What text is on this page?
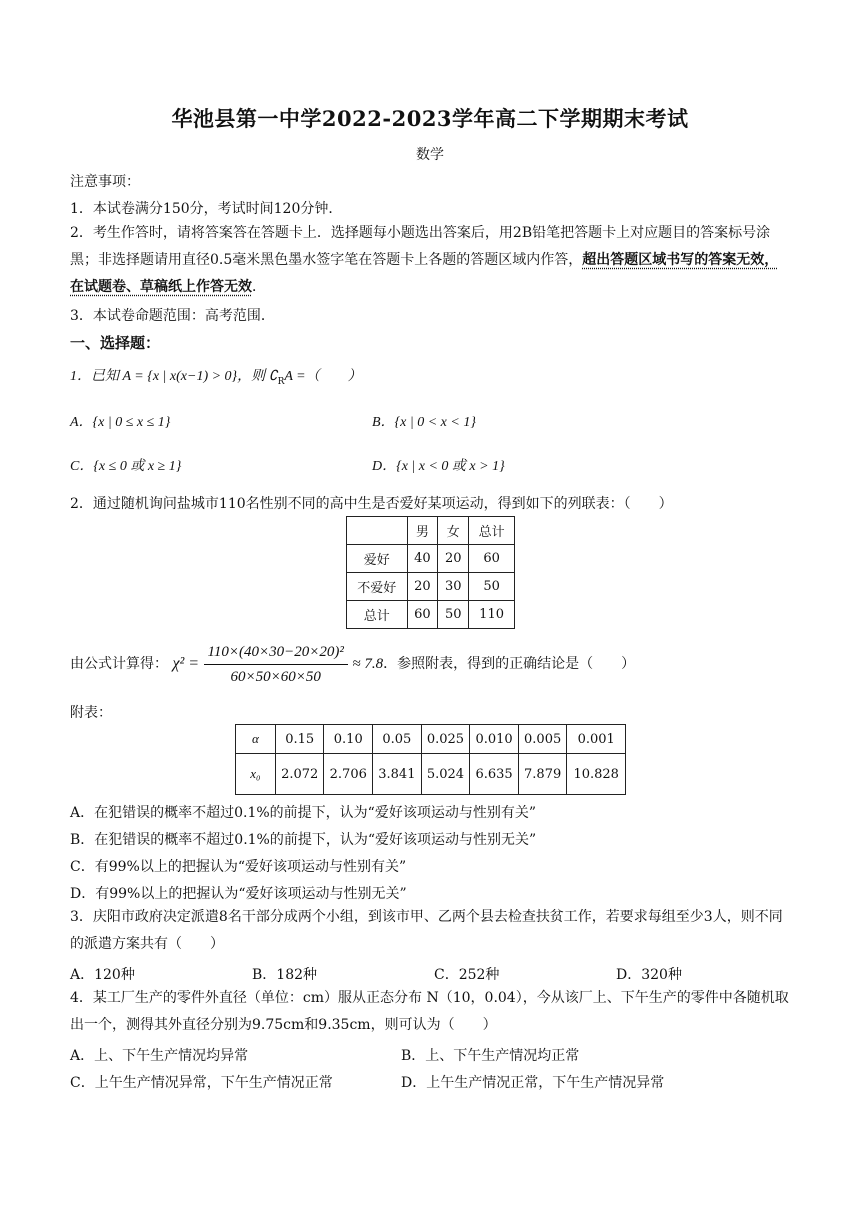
华池县第一中学2022-2023学年高二下学期期末考试
数学
注意事项：
1．本试卷满分150分，考试时间120分钟．
2．考生作答时，请将答案答在答题卡上．选择题每小题选出答案后，用2B铅笔把答题卡上对应题目的答案标号涂黑；非选择题请用直径0.5毫米黑色墨水签字笔在答题卡上各题的答题区域内作答，超出答题区域书写的答案无效，在试题卷、草稿纸上作答无效．
3．本试卷命题范围：高考范围．
一、选择题：
1．已知 A = {x | x(x−1) > 0}，则 $∁_RA$ =（　　）
A．{x | 0 ≤ x ≤ 1}	B．{x | 0 < x < 1}
C．{x ≤ 0 或 x ≥ 1}	D．{x | x < 0 或 x > 1}
2．通过随机询问盐城市110名性别不同的高中生是否爱好某项运动，得到如下的列联表：（　　）
	男	女	总计
爱好	40	20	60
不爱好	20	30	50
总计	60	50	110
由公式计算得： $\chi^2 = \frac{\text{110×(40×30−20×20)²}}{60\times 50\times 60\times 50} \approx 7.8$．参照附表，得到的正确结论是（　　）
附表：
α	0.15	0.10	0.05	0.025	0.010	0.005	0.001
x₀	2.072	2.706	3.841	5.024	6.635	7.879	10.828
A．在犯错误的概率不超过0.1%的前提下，认为“爱好该项运动与性别有关”
B．在犯错误的概率不超过0.1%的前提下，认为“爱好该项运动与性别无关”
C．有99%以上的把握认为“爱好该项运动与性别有关”
D．有99%以上的把握认为“爱好该项运动与性别无关”
3．庆阳市政府决定派遣8名干部分成两个小组，到该市甲、乙两个县去检查扶贫工作，若要求每组至少3人，则不同的派遣方案共有（　　）
A．120种	B．182种	C．252种	D．320种
4．某工厂生产的零件外直径（单位：cm）服从正态分布 N（10，0.04），今从该厂上、下午生产的零件中各随机取出一个，测得其外直径分别为9.75cm和9.35cm，则可认为（　　）
A．上、下午生产情况均异常	B．上、下午生产情况均正常
C．上午生产情况异常，下午生产情况正常	D．上午生产情况正常，下午生产情况异常
